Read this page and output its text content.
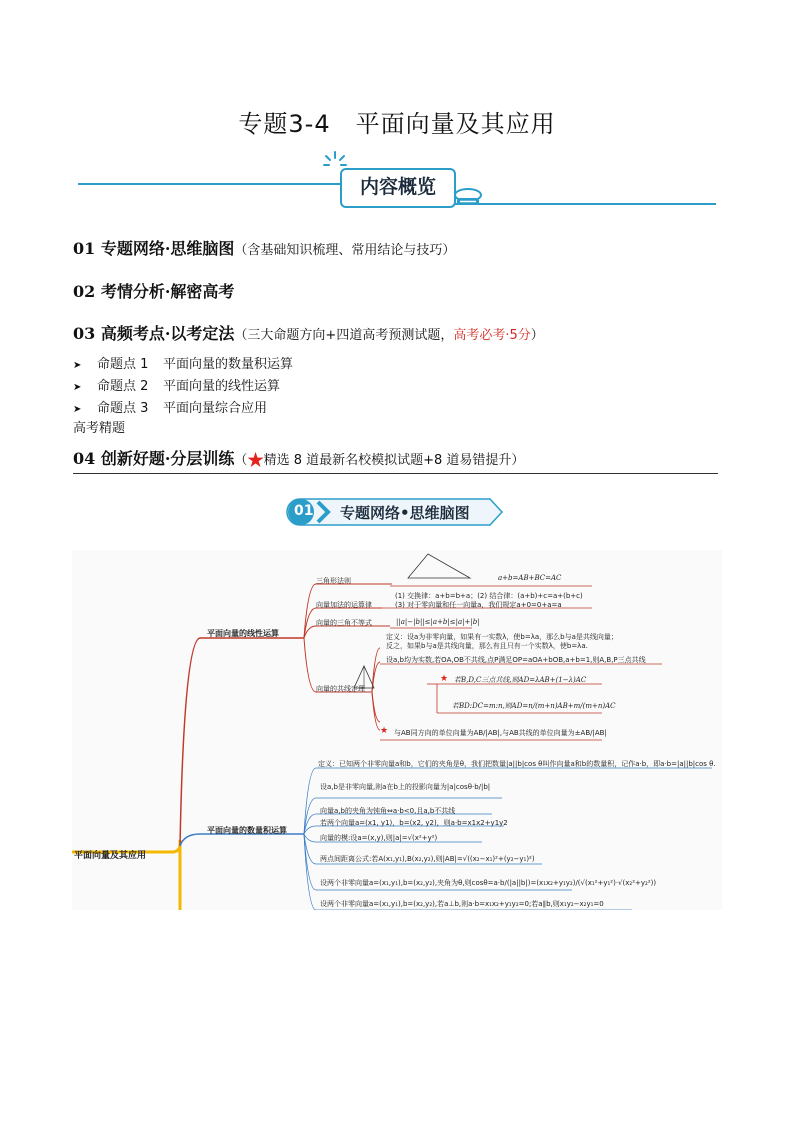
专题3-4　平面向量及其应用
内容概览
01 专题网络·思维脑图（含基础知识梳理、常用结论与技巧）
02 考情分析·解密高考
03 高频考点·以考定法（三大命题方向+四道高考预测试题，高考必考·5分）
➤ 命题点 1 平面向量的数量积运算
➤ 命题点 2 平面向量的线性运算
➤ 命题点 3 平面向量综合应用
高考精题
04 创新好题·分层训练（★精选 8 道最新名校模拟试题+8 道易错提升）
01 专题网络•思维脑图
平面向量及其应用
平面向量的线性运算
三角形法则	a+b=AB+BC=AC
向量加法的运算律
(1) 交换律：a+b=b+a；(2) 结合律：(a+b)+c=a+(b+c)
(3) 对于零向量和任一向量a，我们规定a+0=0+a=a
向量的三角不等式	||a|−|b||≤|a+b|≤|a|+|b|
向量的共线定理
定义：设a为非零向量，如果有一实数λ，使b=λa，那么b与a是共线向量；
反之，如果b与a是共线向量，那么有且只有一个实数λ，使b=λa.
设a,b均为实数,若OA,OB不共线,点P满足OP=aOA+bOB,a+b=1,则A,B,P三点共线
★ 若B,D,C三点共线,则AD=λAB+(1−λ)AC
若BD:DC=m:n,则AD=n/(m+n)AB+m/(m+n)AC
★ 与AB同方向的单位向量为AB/|AB|,与AB共线的单位向量为±AB/|AB|
平面向量的数量积运算
定义：已知两个非零向量a和b，它们的夹角是θ，我们把数量|a||b|cos θ叫作向量a和b的数量积，记作a·b，即a·b=|a||b|cos θ.
设a,b是非零向量,则a在b上的投影向量为|a|cosθ·b/|b|
向量a,b的夹角为钝角⇔a·b<0,且a,b不共线
若两个向量a=(x1, y1)，b=(x2, y2)，则a·b=x1x2+y1y2
向量的模:设a=(x,y),则|a|=√(x²+y²)
两点间距离公式:若A(x₁,y₁),B(x₂,y₂),则|AB|=√((x₂−x₁)²+(y₂−y₁)²)
设两个非零向量a=(x₁,y₁),b=(x₂,y₂),夹角为θ,则cosθ=a·b/(|a||b|)=(x₁x₂+y₁y₂)/(√(x₁²+y₁²)·√(x₂²+y₂²))
设两个非零向量a=(x₁,y₁),b=(x₂,y₂),若a⊥b,则a·b=x₁x₂+y₁y₂=0;若a∥b,则x₁y₂−x₂y₁=0
